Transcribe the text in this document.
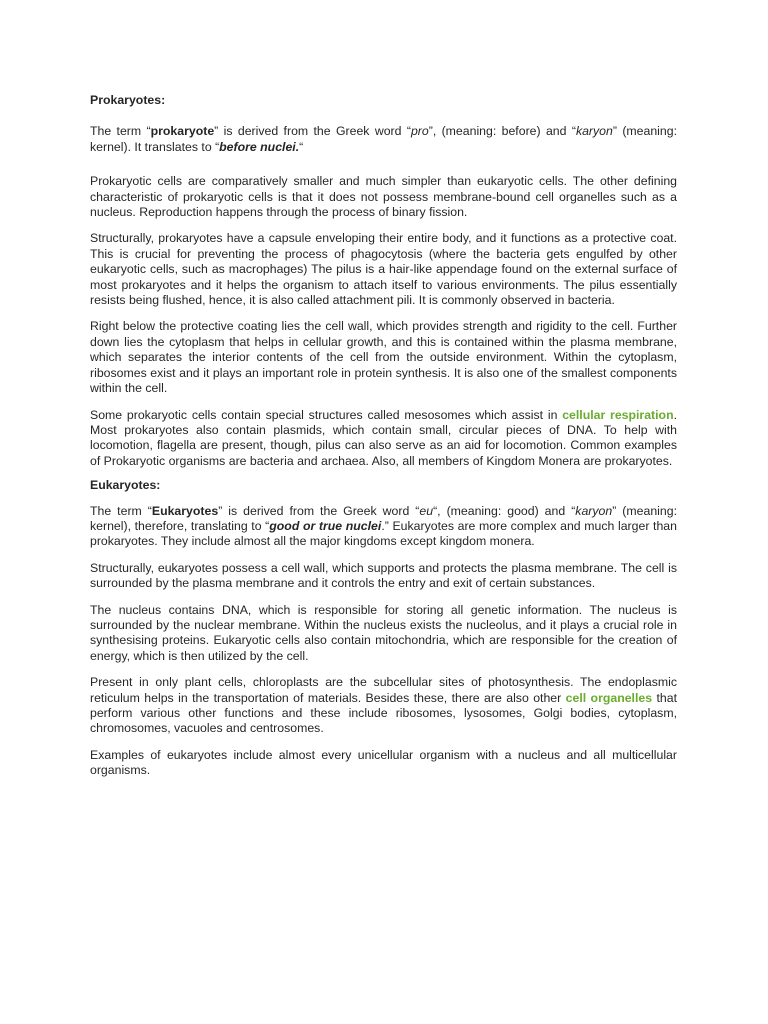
Prokaryotes:

The term “prokaryote” is derived from the Greek word “pro”, (meaning: before) and “karyon” (meaning: kernel). It translates to “before nuclei.“

Prokaryotic cells are comparatively smaller and much simpler than eukaryotic cells. The other defining characteristic of prokaryotic cells is that it does not possess membrane-bound cell organelles such as a nucleus. Reproduction happens through the process of binary fission.

Structurally, prokaryotes have a capsule enveloping their entire body, and it functions as a protective coat. This is crucial for preventing the process of phagocytosis (where the bacteria gets engulfed by other eukaryotic cells, such as macrophages) The pilus is a hair-like appendage found on the external surface of most prokaryotes and it helps the organism to attach itself to various environments. The pilus essentially resists being flushed, hence, it is also called attachment pili. It is commonly observed in bacteria.

Right below the protective coating lies the cell wall, which provides strength and rigidity to the cell. Further down lies the cytoplasm that helps in cellular growth, and this is contained within the plasma membrane, which separates the interior contents of the cell from the outside environment. Within the cytoplasm, ribosomes exist and it plays an important role in protein synthesis. It is also one of the smallest components within the cell.

Some prokaryotic cells contain special structures called mesosomes which assist in cellular respiration. Most prokaryotes also contain plasmids, which contain small, circular pieces of DNA. To help with locomotion, flagella are present, though, pilus can also serve as an aid for locomotion. Common examples of Prokaryotic organisms are bacteria and archaea. Also, all members of Kingdom Monera are prokaryotes.

Eukaryotes:

The term “Eukaryotes” is derived from the Greek word “eu“, (meaning: good) and “karyon” (meaning: kernel), therefore, translating to “good or true nuclei.” Eukaryotes are more complex and much larger than prokaryotes. They include almost all the major kingdoms except kingdom monera.

Structurally, eukaryotes possess a cell wall, which supports and protects the plasma membrane. The cell is surrounded by the plasma membrane and it controls the entry and exit of certain substances.

The nucleus contains DNA, which is responsible for storing all genetic information. The nucleus is surrounded by the nuclear membrane. Within the nucleus exists the nucleolus, and it plays a crucial role in synthesising proteins. Eukaryotic cells also contain mitochondria, which are responsible for the creation of energy, which is then utilized by the cell.

Present in only plant cells, chloroplasts are the subcellular sites of photosynthesis. The endoplasmic reticulum helps in the transportation of materials. Besides these, there are also other cell organelles that perform various other functions and these include ribosomes, lysosomes, Golgi bodies, cytoplasm, chromosomes, vacuoles and centrosomes.

Examples of eukaryotes include almost every unicellular organism with a nucleus and all multicellular organisms.
